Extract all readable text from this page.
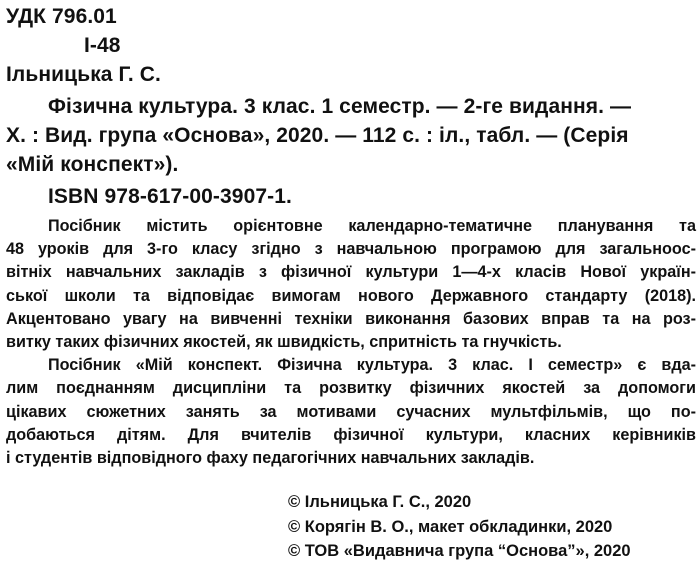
УДК 796.01

І-48

Ільницька Г. С.

Фізична культура. 3 клас. 1 семестр. — 2-ге видання. —

Х. : Вид. група «Основа», 2020. — 112 с. : іл., табл. — (Серія

«Мій конспект»).

ISBN 978-617-00-3907-1.

Посібник містить орієнтовне календарно-тематичне планування та
48 уроків для 3-го класу згідно з навчальною програмою для загальноос-
вітніх навчальних закладів з фізичної культури 1—4-х класів Нової україн-
ської школи та відповідає вимогам нового Державного стандарту (2018).
Акцентовано увагу на вивченні техніки виконання базових вправ та на роз-
витку таких фізичних якостей, як швидкість, спритність та гнучкість.
Посібник «Мій конспект. Фізична культура. 3 клас. І семестр» є вда-
лим поєднанням дисципліни та розвитку фізичних якостей за допомоги
цікавих сюжетних занять за мотивами сучасних мультфільмів, що по-
добаються дітям. Для вчителів фізичної культури, класних керівників
і студентів відповідного фаху педагогічних навчальних закладів.
© Ільницька Г. С., 2020
© Корягін В. О., макет обкладинки, 2020
© ТОВ «Видавнича група “Основа”», 2020
